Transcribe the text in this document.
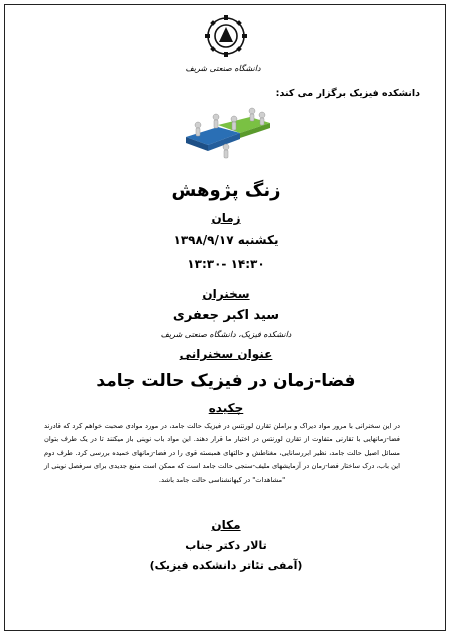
دانشگاه صنعتی شریف
دانشکده فیزیک برگزار می کند:
زنگ پژوهش
زمان
یکشنبه ۱۳۹۸/۹/۱۷
۱۴:۳۰ -۱۳:۳۰
سخنران
سید اکبر جعفری
دانشکده فیزیک، دانشگاه صنعتی شریف
عنوان سخنرانی
فضا-زمان در فیزیک حالت جامد
چکیده
در این سخنرانی با مرور مواد دیراک و براملن تقارن لورنتس در فیزیک حالت جامد، در مورد موادی صحبت خواهم کرد که قادرند فضا-زمانهایی با تقارنی متفاوت از تقارن لورنتس در اختیار ما قرار دهند. این مواد باب نوینی باز میکنند تا در یک طرف بتوان مسائل اصیل حالت جامد، نظیر ابررسانایی، مغناطش و حالتهای همبسته قوی را در فضا-زمانهای خمیده بررسی کرد. طرف دوم این باب، درک ساختار فضا-زمان در آزمایشهای ملیف-سنجی حالت جامد است که ممکن است منبع جدیدی برای سرفصل نوینی از "مشاهدات" در کیهانشناسی حالت جامد باشد.
مکان
تالار دکتر جناب
(آمفی تئاتر دانشکده فیزیک)
